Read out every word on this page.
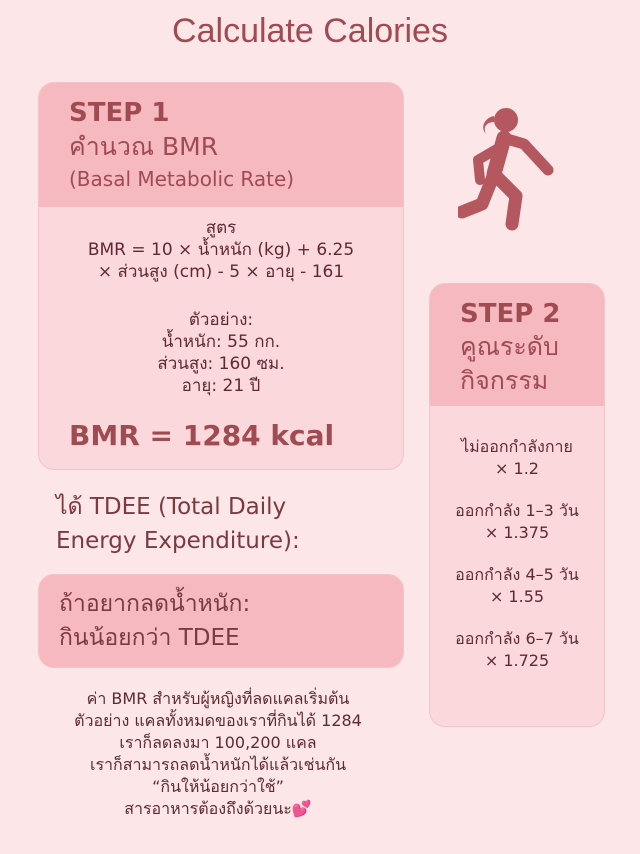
Calculate Calories
STEP 1
คำนวณ BMR
(Basal Metabolic Rate)
สูตร
BMR = 10 × น้ำหนัก (kg) + 6.25
× ส่วนสูง (cm) - 5 × อายุ - 161
ตัวอย่าง:
น้ำหนัก: 55 กก.
ส่วนสูง: 160 ซม.
อายุ: 21 ปี
BMR = 1284 kcal
STEP 2
คูณระดับ
กิจกรรม
ไม่ออกกำลังกาย
× 1.2
ออกกำลัง 1–3 วัน
× 1.375
ออกกำลัง 4–5 วัน
× 1.55
ออกกำลัง 6–7 วัน
× 1.725
ได้ TDEE (Total Daily
Energy Expenditure):
ถ้าอยากลดน้ำหนัก:
กินน้อยกว่า TDEE
ค่า BMR สำหรับผู้หญิงที่ลดแคลเริ่มต้น
ตัวอย่าง แคลทั้งหมดของเราที่กินได้ 1284
เราก็ลดลงมา 100,200 แคล
เราก็สามารถลดน้ำหนักได้แล้วเช่นกัน
“กินให้น้อยกว่าใช้”
สารอาหารต้องถึงด้วยนะ💕
